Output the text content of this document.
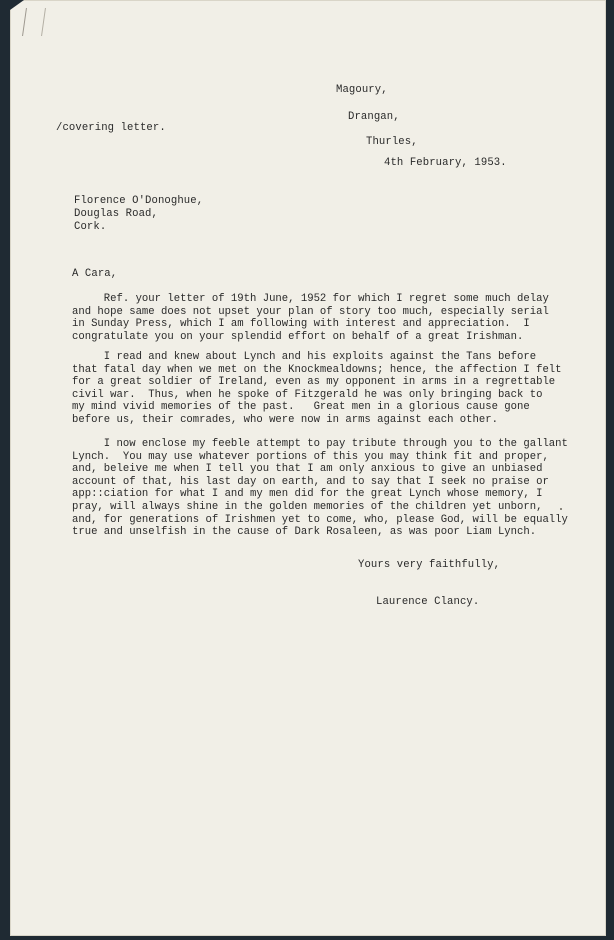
Magoury,
Drangan,
Thurles,
4th February, 1953.
/covering letter.
Florence O'Donoghue,
Douglas Road,
Cork.
A Cara,
Ref. your letter of 19th June, 1952 for which I regret some much delay
and hope same does not upset your plan of story too much, especially serial
in Sunday Press, which I am following with interest and appreciation.  I
congratulate you on your splendid effort on behalf of a great Irishman.
I read and knew about Lynch and his exploits against the Tans before
that fatal day when we met on the Knockmealdowns; hence, the affection I felt
for a great soldier of Ireland, even as my opponent in arms in a regrettable
civil war.  Thus, when he spoke of Fitzgerald he was only bringing back to
my mind vivid memories of the past.   Great men in a glorious cause gone
before us, their comrades, who were now in arms against each other.
I now enclose my feeble attempt to pay tribute through you to the gallant
Lynch.  You may use whatever portions of this you may think fit and proper,
and, beleive me when I tell you that I am only anxious to give an unbiased
account of that, his last day on earth, and to say that I seek no praise or
app::ciation for what I and my men did for the great Lynch whose memory, I
pray, will always shine in the golden memories of the children yet unborn,
and, for generations of Irishmen yet to come, who, please God, will be equally
true and unselfish in the cause of Dark Rosaleen, as was poor Liam Lynch.
Yours very faithfully,
Laurence Clancy.
